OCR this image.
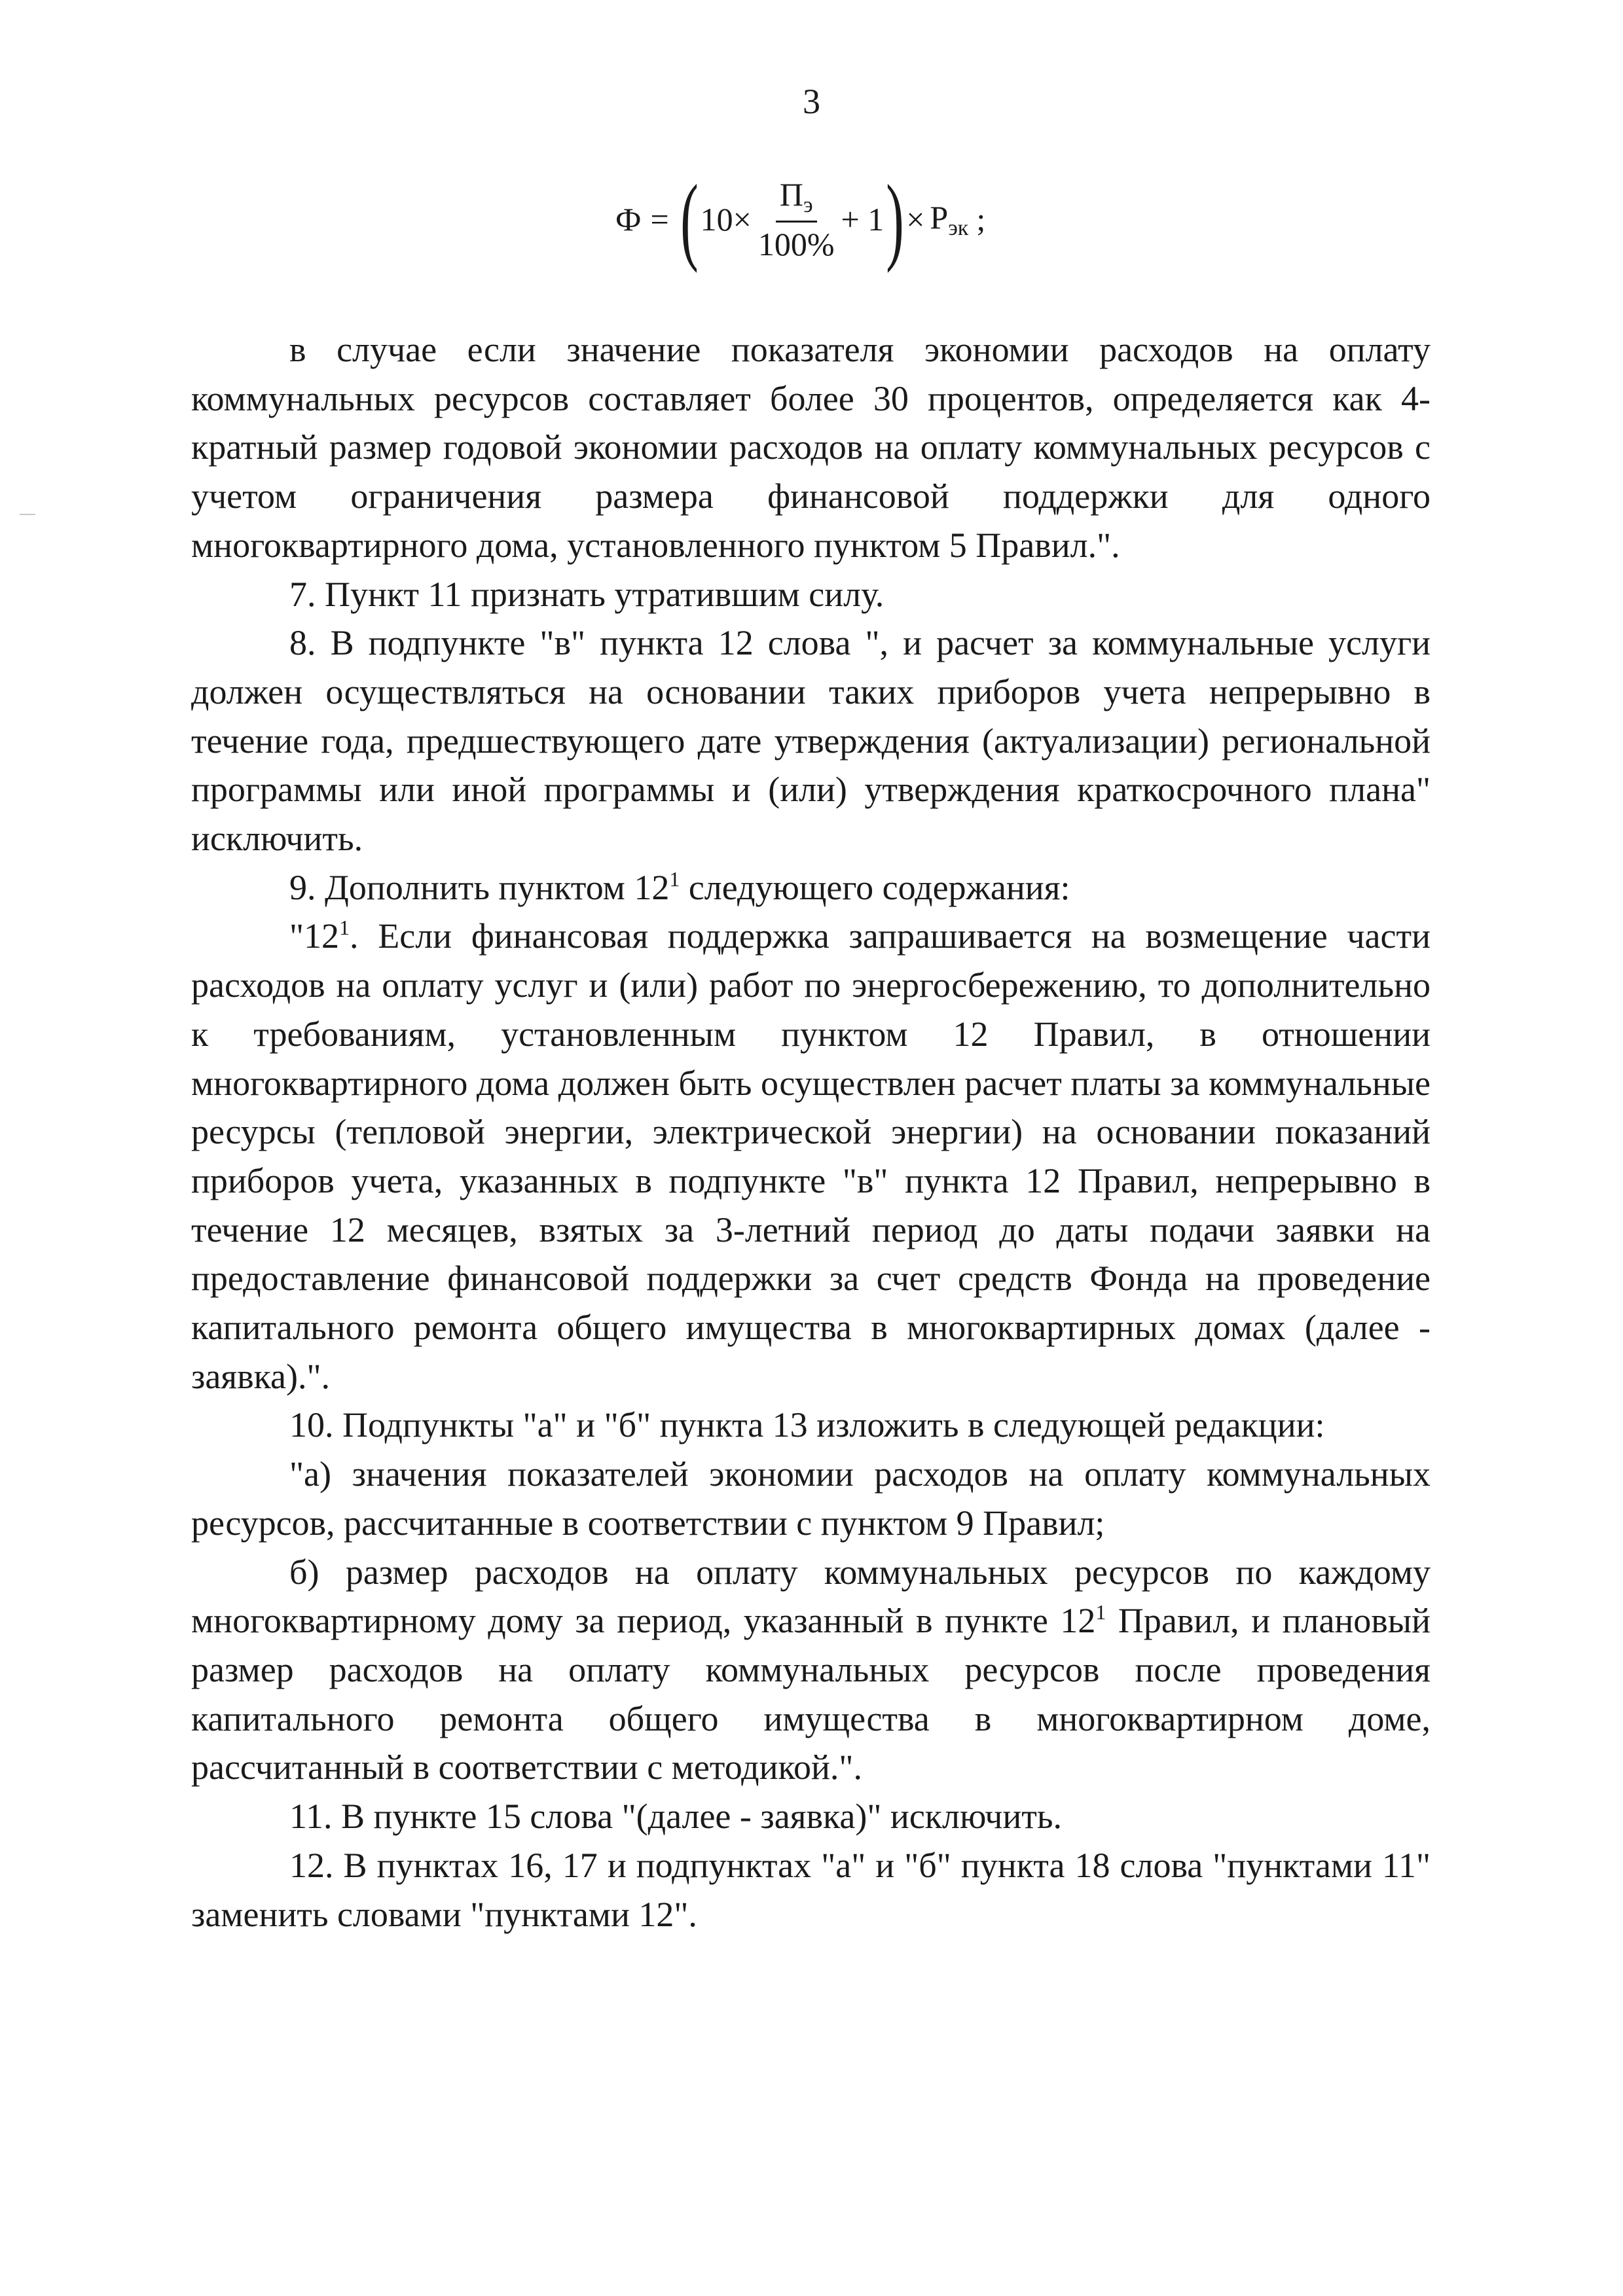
3
Ф = ( $10 \times \frac{П_э}{100\%} + 1$ ) × $Р_{эк}$ ;

в случае если значение показателя экономии расходов на оплату коммунальных ресурсов составляет более 30 процентов, определяется как 4-кратный размер годовой экономии расходов на оплату коммунальных ресурсов с учетом ограничения размера финансовой поддержки для одного многоквартирного дома, установленного пунктом 5 Правил.".

7. Пункт 11 признать утратившим силу.

8. В подпункте "в" пункта 12 слова ", и расчет за коммунальные услуги должен осуществляться на основании таких приборов учета непрерывно в течение года, предшествующего дате утверждения (актуализации) региональной программы или иной программы и (или) утверждения краткосрочного плана" исключить.

9. Дополнить пунктом $12^1$ следующего содержания:

"$12^1$. Если финансовая поддержка запрашивается на возмещение части расходов на оплату услуг и (или) работ по энергосбережению, то дополнительно к требованиям, установленным пунктом 12 Правил, в отношении многоквартирного дома должен быть осуществлен расчет платы за коммунальные ресурсы (тепловой энергии, электрической энергии) на основании показаний приборов учета, указанных в подпункте "в" пункта 12 Правил, непрерывно в течение 12 месяцев, взятых за 3-летний период до даты подачи заявки на предоставление финансовой поддержки за счет средств Фонда на проведение капитального ремонта общего имущества в многоквартирных домах (далее - заявка).".

10. Подпункты "а" и "б" пункта 13 изложить в следующей редакции:

"а) значения показателей экономии расходов на оплату коммунальных ресурсов, рассчитанные в соответствии с пунктом 9 Правил;

б) размер расходов на оплату коммунальных ресурсов по каждому многоквартирному дому за период, указанный в пункте $12^1$ Правил, и плановый размер расходов на оплату коммунальных ресурсов после проведения капитального ремонта общего имущества в многоквартирном доме, рассчитанный в соответствии с методикой.".

11. В пункте 15 слова "(далее - заявка)" исключить.

12. В пунктах 16, 17 и подпунктах "а" и "б" пункта 18 слова "пунктами 11" заменить словами "пунктами 12".
